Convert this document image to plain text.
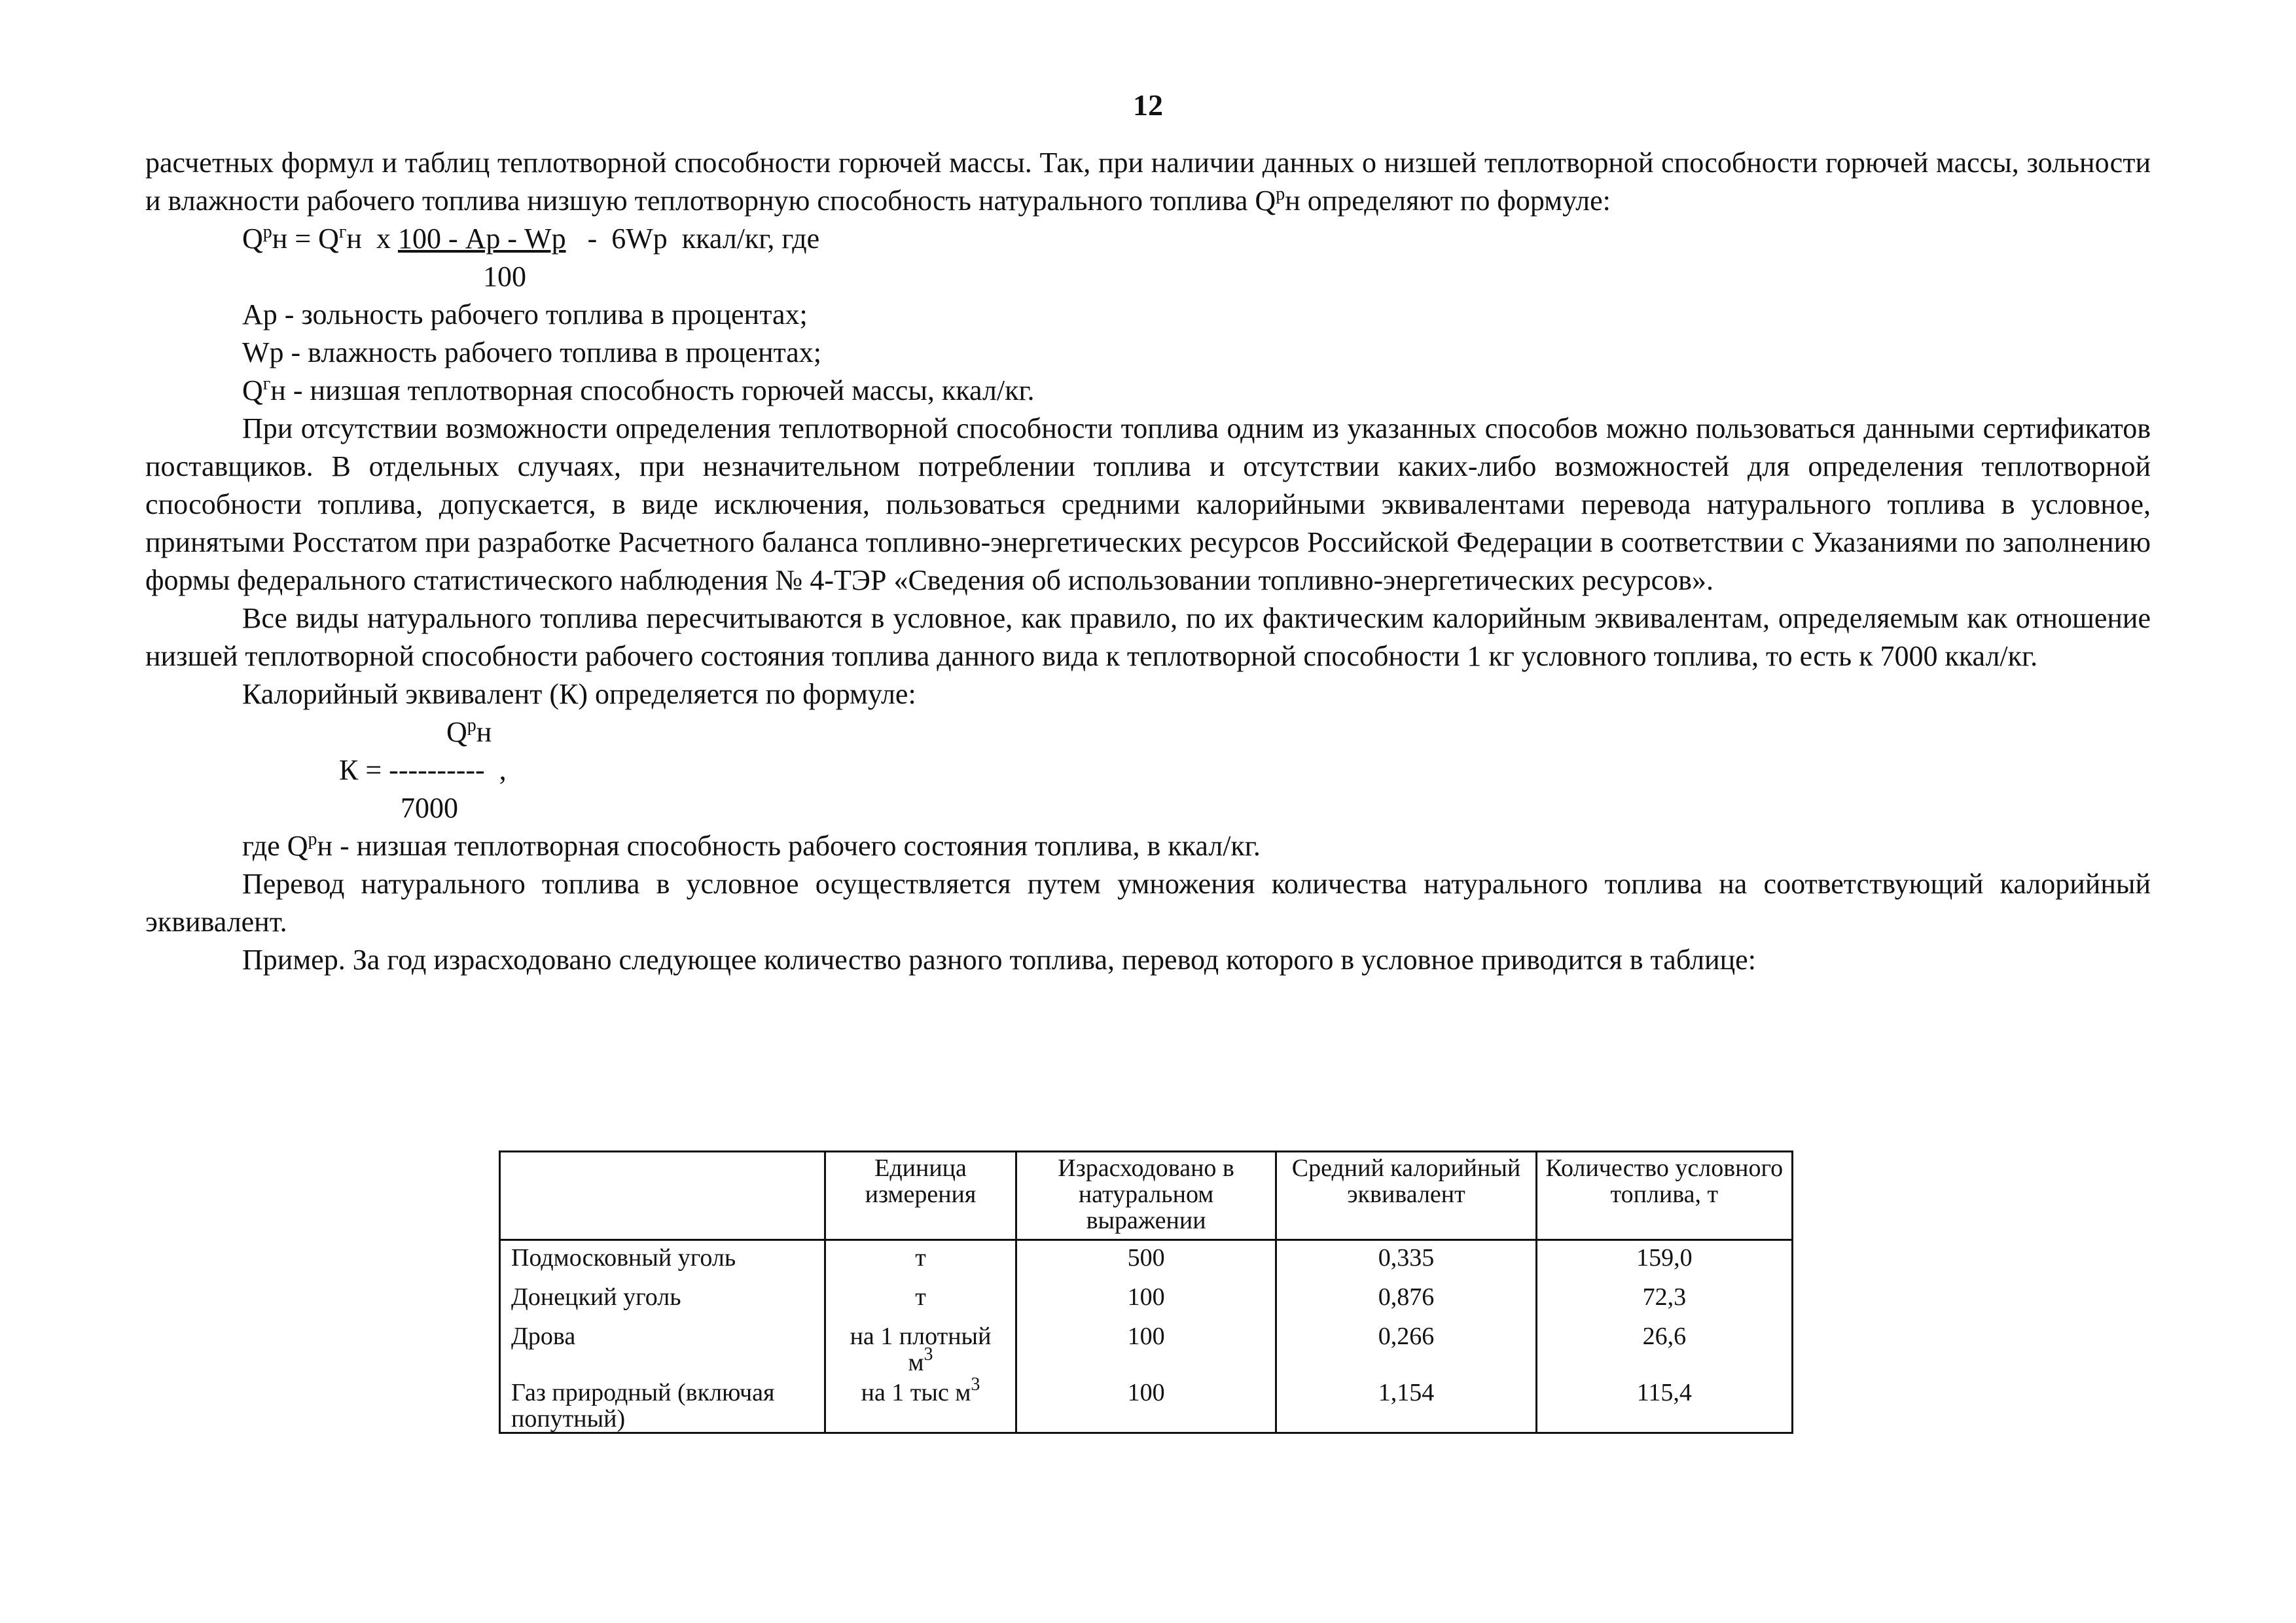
12

расчетных формул и таблиц теплотворной способности горючей массы. Так, при наличии данных о низшей теплотворной способности горючей массы, зольности и влажности рабочего топлива низшую теплотворную способность натурального топлива $Q^рн$ определяют по формуле:

$Q^рн = Q^гн$  х 100 - Ар - Wр   -  6Wр  ккал/кг, где
100
Ар - зольность рабочего топлива в процентах;
Wр - влажность рабочего топлива в процентах;
$Q^гн$ - низшая теплотворная способность горючей массы, ккал/кг.

При отсутствии возможности определения теплотворной способности топлива одним из указанных способов можно пользоваться данными сертификатов поставщиков. В отдельных случаях, при незначительном потреблении топлива и отсутствии каких-либо возможностей для определения теплотворной способности топлива, допускается, в виде исключения, пользоваться средними калорийными эквивалентами перевода натурального топлива в условное, принятыми Росстатом при разработке Расчетного баланса топливно-энергетических ресурсов Российской Федерации в соответствии с Указаниями по заполнению формы федерального статистического наблюдения № 4-ТЭР «Сведения об использовании топливно-энергетических ресурсов».

Все виды натурального топлива пересчитываются в условное, как правило, по их фактическим калорийным эквивалентам, определяемым как отношение низшей теплотворной способности рабочего состояния топлива данного вида к теплотворной способности 1 кг условного топлива, то есть к 7000 ккал/кг.

Калорийный эквивалент (К) определяется по формуле:
$Q^рн$
К = ----------  ,
7000
где $Q^рн$ - низшая теплотворная способность рабочего состояния топлива, в ккал/кг.

Перевод натурального топлива в условное осуществляется путем умножения количества натурального топлива на соответствующий калорийный эквивалент.

Пример. За год израсходовано следующее количество разного топлива, перевод которого в условное приводится в таблице:
	Единица измерения	Израсходовано в натуральном выражении	Средний калорийный эквивалент	Количество условного топлива, т
Подмосковный уголь	т	500	0,335	159,0
Донецкий уголь	т	100	0,876	72,3
Дрова	на 1 плотный $м^3$	100	0,266	26,6
Газ природный (включая попутный)	на 1 тыс $м^3$	100	1,154	115,4
